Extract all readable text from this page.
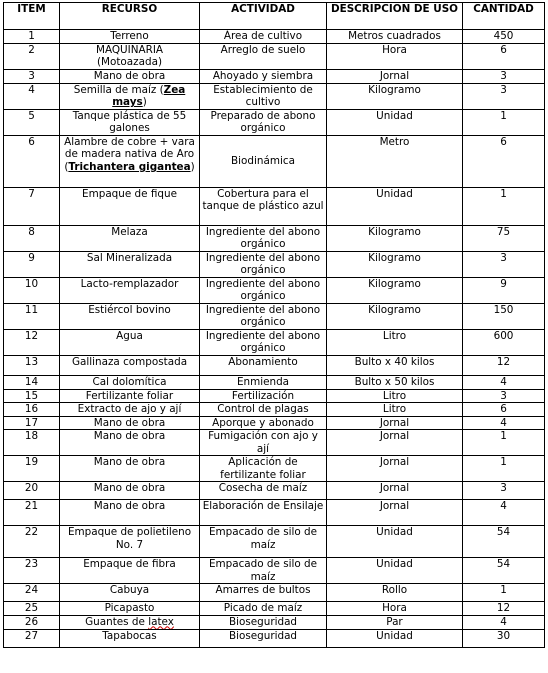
ITEM	RECURSO	ACTIVIDAD	DESCRIPCION DE USO	CANTIDAD
1	Terreno	Área de cultivo	Metros cuadrados	450
2	MAQUINARIA (Motoazada)	Arreglo de suelo	Hora	6
3	Mano de obra	Ahoyado y siembra	Jornal	3
4	Semilla de maíz (Zea mays)	Establecimiento de cultivo	Kilogramo	3
5	Tanque plástica de 55 galones	Preparado de abono orgánico	Unidad	1
6	Alambre de cobre + vara de madera nativa de Aro (Trichantera gigantea)	Biodinámica	Metro	6
7	Empaque de fique	Cobertura para el tanque de plástico azul	Unidad	1
8	Melaza	Ingrediente del abono orgánico	Kilogramo	75
9	Sal Mineralizada	Ingrediente del abono orgánico	Kilogramo	3
10	Lacto-remplazador	Ingrediente del abono orgánico	Kilogramo	9
11	Estiércol bovino	Ingrediente del abono orgánico	Kilogramo	150
12	Agua	Ingrediente del abono orgánico	Litro	600
13	Gallinaza compostada	Abonamiento	Bulto x 40 kilos	12
14	Cal dolomítica	Enmienda	Bulto x 50 kilos	4
15	Fertilizante foliar	Fertilización	Litro	3
16	Extracto de ajo y ají	Control de plagas	Litro	6
17	Mano de obra	Aporque y abonado	Jornal	4
18	Mano de obra	Fumigación con ajo y ají	Jornal	1
19	Mano de obra	Aplicación de fertilizante foliar	Jornal	1
20	Mano de obra	Cosecha de maíz	Jornal	3
21	Mano de obra	Elaboración de Ensilaje	Jornal	4
22	Empaque de polietileno No. 7	Empacado de silo de maíz	Unidad	54
23	Empaque de fibra	Empacado de silo de maíz	Unidad	54
24	Cabuya	Amarres de bultos	Rollo	1
25	Picapasto	Picado de maíz	Hora	12
26	Guantes de latex	Bioseguridad	Par	4
27	Tapabocas	Bioseguridad	Unidad	30
